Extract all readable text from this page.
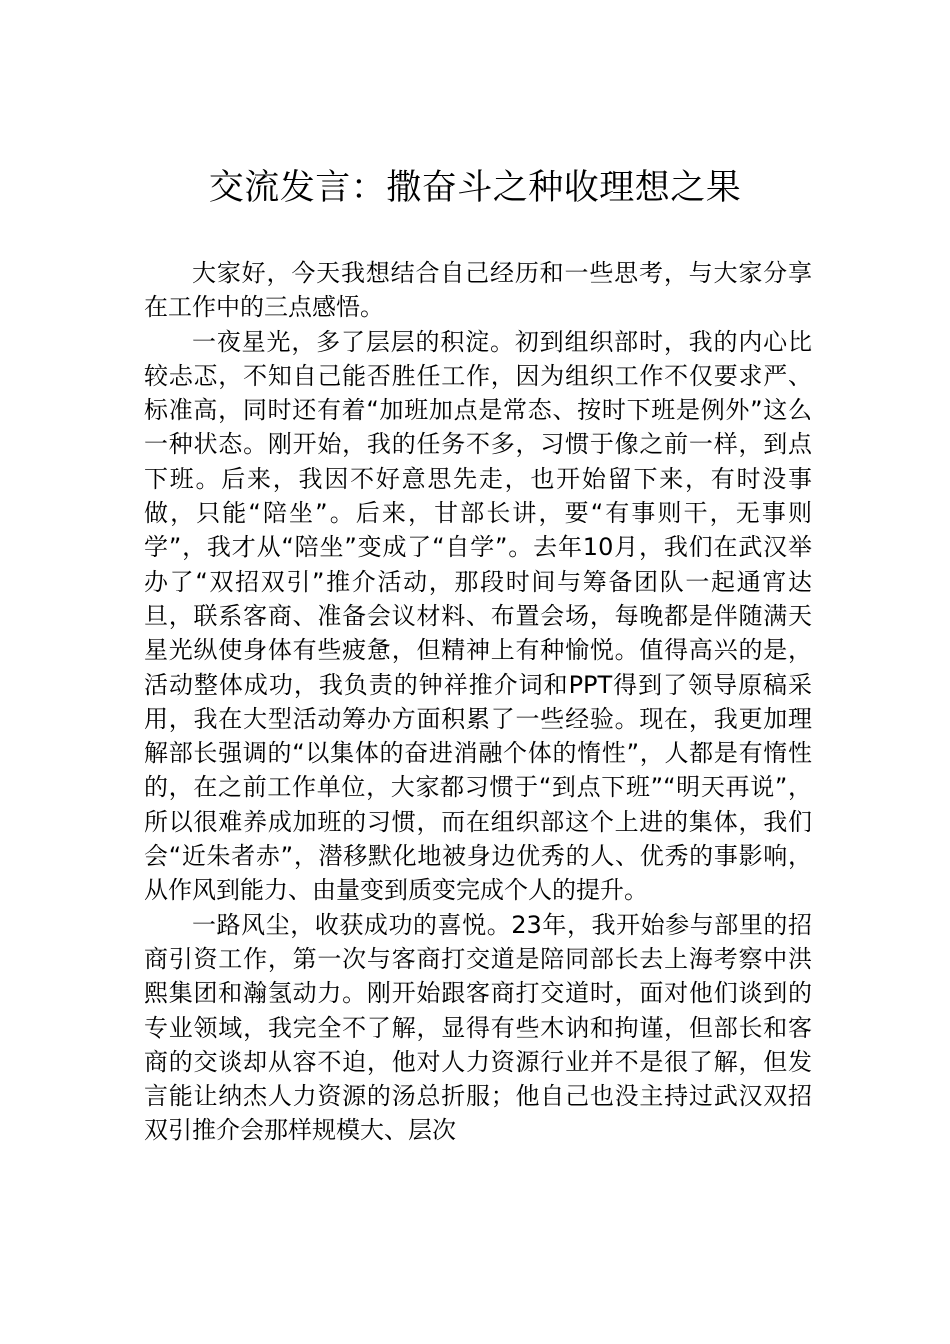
交流发言：撒奋斗之种收理想之果

大家好，今天我想结合自己经历和一些思考，与大家分享在工作中的三点感悟。

一夜星光，多了层层的积淀。初到组织部时，我的内心比较忐忑，不知自己能否胜任工作，因为组织工作不仅要求严、标准高，同时还有着“加班加点是常态、按时下班是例外”这么一种状态。刚开始，我的任务不多，习惯于像之前一样，到点下班。后来，我因不好意思先走，也开始留下来，有时没事做，只能“陪坐”。后来，甘部长讲，要“有事则干，无事则学”，我才从“陪坐”变成了“自学”。去年10月，我们在武汉举办了“双招双引”推介活动，那段时间与筹备团队一起通宵达旦，联系客商、准备会议材料、布置会场，每晚都是伴随满天星光纵使身体有些疲惫，但精神上有种愉悦。值得高兴的是，活动整体成功，我负责的钟祥推介词和PPT得到了领导原稿采用，我在大型活动筹办方面积累了一些经验。现在，我更加理解部长强调的“以集体的奋进消融个体的惰性”，人都是有惰性的，在之前工作单位，大家都习惯于“到点下班”“明天再说”，所以很难养成加班的习惯，而在组织部这个上进的集体，我们会“近朱者赤”，潜移默化地被身边优秀的人、优秀的事影响，从作风到能力、由量变到质变完成个人的提升。

一路风尘，收获成功的喜悦。23年，我开始参与部里的招商引资工作，第一次与客商打交道是陪同部长去上海考察中洪熙集团和瀚氢动力。刚开始跟客商打交道时，面对他们谈到的专业领域，我完全不了解，显得有些木讷和拘谨，但部长和客商的交谈却从容不迫，他对人力资源行业并不是很了解，但发言能让纳杰人力资源的汤总折服；他自己也没主持过武汉双招双引推介会那样规模大、层次
